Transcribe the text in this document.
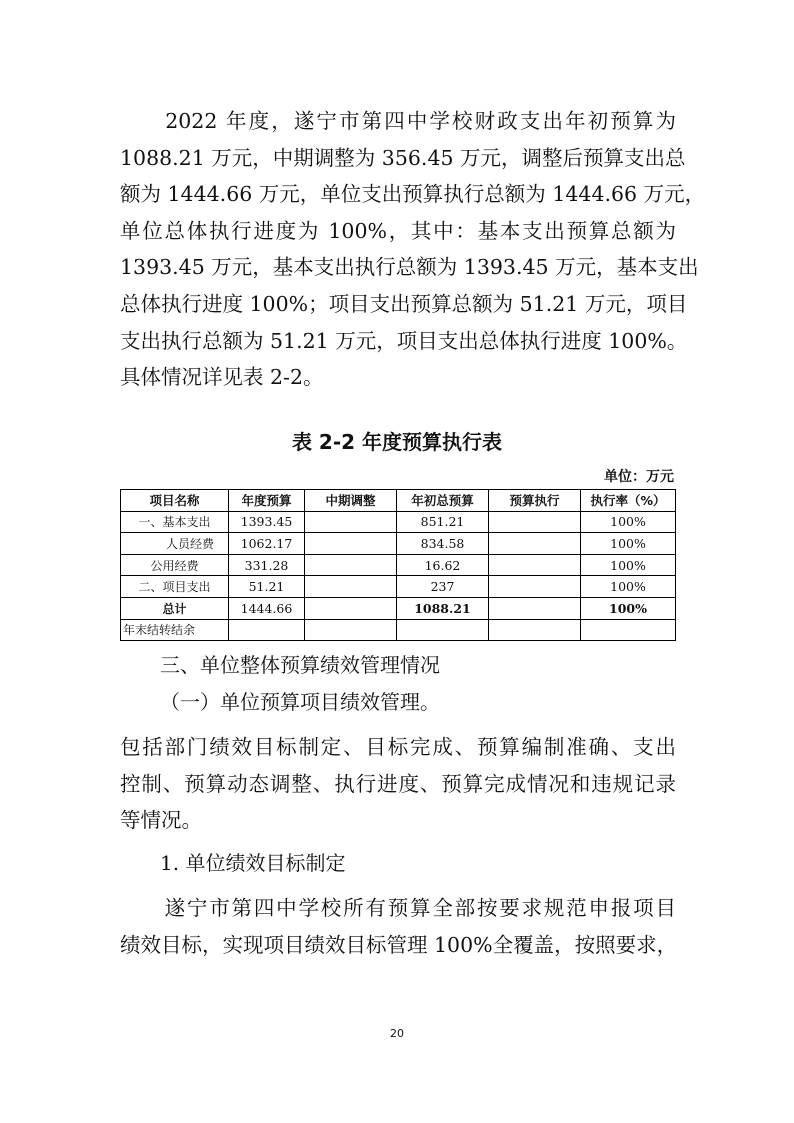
　　2022 年度，遂宁市第四中学校财政支出年初预算为
1088.21 万元，中期调整为 356.45 万元，调整后预算支出总
额为 1444.66 万元，单位支出预算执行总额为 1444.66 万元，
单位总体执行进度为 100%，其中：基本支出预算总额为
1393.45 万元，基本支出执行总额为 1393.45 万元，基本支出
总体执行进度 100%；项目支出预算总额为 51.21 万元，项目
支出执行总额为 51.21 万元，项目支出总体执行进度 100%。
具体情况详见表 2-2。
表 2-2 年度预算执行表
单位：万元
项目名称	年度预算	中期调整	年初总预算	预算执行	执行率（%）
一、基本支出	1393.45		851.21		100%
人员经费	1062.17		834.58		100%
公用经费	331.28		16.62		100%
二、项目支出	51.21		237		100%
总计	1444.66		1088.21		100%
年末结转结余					
三、单位整体预算绩效管理情况
（一）单位预算项目绩效管理。
包括部门绩效目标制定、目标完成、预算编制准确、支出
控制、预算动态调整、执行进度、预算完成情况和违规记录
等情况。
1. 单位绩效目标制定
　　遂宁市第四中学校所有预算全部按要求规范申报项目
绩效目标，实现项目绩效目标管理 100%全覆盖，按照要求，
20
